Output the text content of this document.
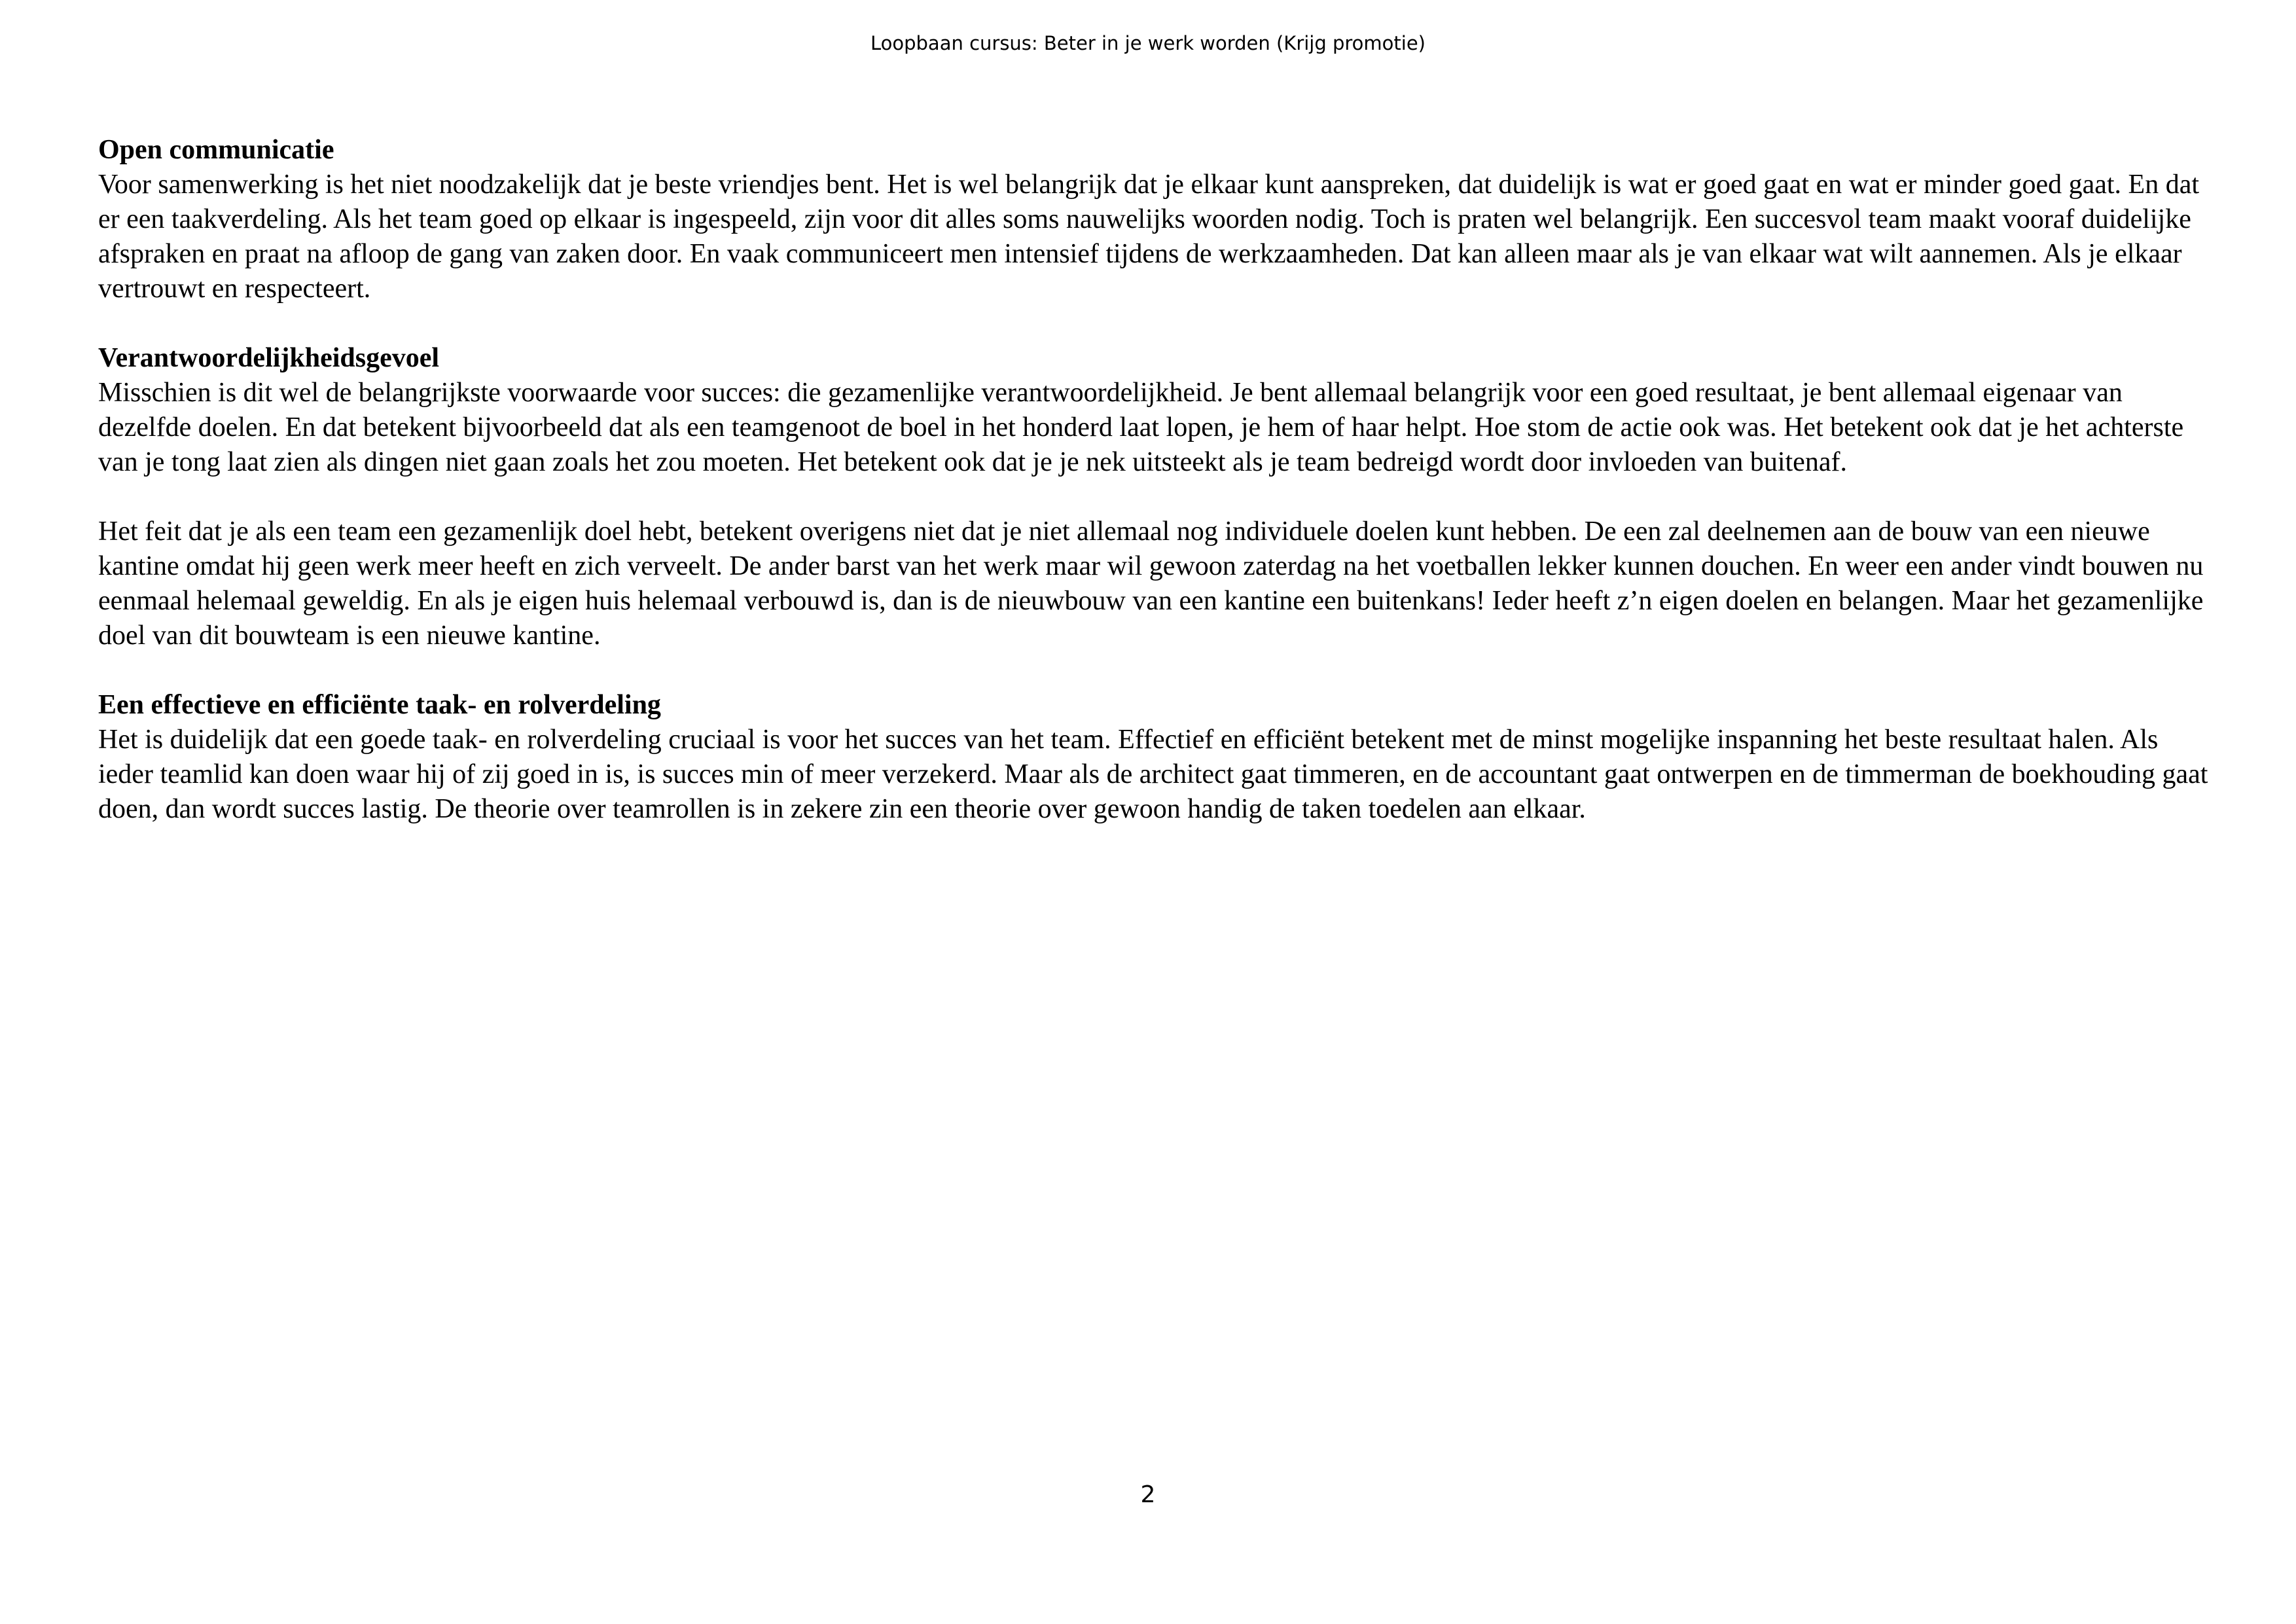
Loopbaan cursus: Beter in je werk worden (Krijg promotie)

Open communicatie

Voor samenwerking is het niet noodzakelijk dat je beste vriendjes bent. Het is wel belangrijk dat je elkaar kunt aanspreken, dat duidelijk is wat er goed gaat en wat er minder goed gaat. En dat er een taakverdeling. Als het team goed op elkaar is ingespeeld, zijn voor dit alles soms nauwelijks woorden nodig. Toch is praten wel belangrijk. Een succesvol team maakt vooraf duidelijke afspraken en praat na afloop de gang van zaken door. En vaak communiceert men intensief tijdens de werkzaamheden. Dat kan alleen maar als je van elkaar wat wilt aannemen. Als je elkaar vertrouwt en respecteert.

Verantwoordelijkheidsgevoel

Misschien is dit wel de belangrijkste voorwaarde voor succes: die gezamenlijke verantwoordelijkheid. Je bent allemaal belangrijk voor een goed resultaat, je bent allemaal eigenaar van dezelfde doelen. En dat betekent bijvoorbeeld dat als een teamgenoot de boel in het honderd laat lopen, je hem of haar helpt. Hoe stom de actie ook was. Het betekent ook dat je het achterste van je tong laat zien als dingen niet gaan zoals het zou moeten. Het betekent ook dat je je nek uitsteekt als je team bedreigd wordt door invloeden van buitenaf.

Het feit dat je als een team een gezamenlijk doel hebt, betekent overigens niet dat je niet allemaal nog individuele doelen kunt hebben. De een zal deelnemen aan de bouw van een nieuwe kantine omdat hij geen werk meer heeft en zich verveelt. De ander barst van het werk maar wil gewoon zaterdag na het voetballen lekker kunnen douchen. En weer een ander vindt bouwen nu eenmaal helemaal geweldig. En als je eigen huis helemaal verbouwd is, dan is de nieuwbouw van een kantine een buitenkans! Ieder heeft z’n eigen doelen en belangen. Maar het gezamenlijke doel van dit bouwteam is een nieuwe kantine.

Een effectieve en efficiënte taak- en rolverdeling

Het is duidelijk dat een goede taak- en rolverdeling cruciaal is voor het succes van het team. Effectief en efficiënt betekent met de minst mogelijke inspanning het beste resultaat halen. Als ieder teamlid kan doen waar hij of zij goed in is, is succes min of meer verzekerd. Maar als de architect gaat timmeren, en de accountant gaat ontwerpen en de timmerman de boekhouding gaat doen, dan wordt succes lastig. De theorie over teamrollen is in zekere zin een theorie over gewoon handig de taken toedelen aan elkaar.

2
